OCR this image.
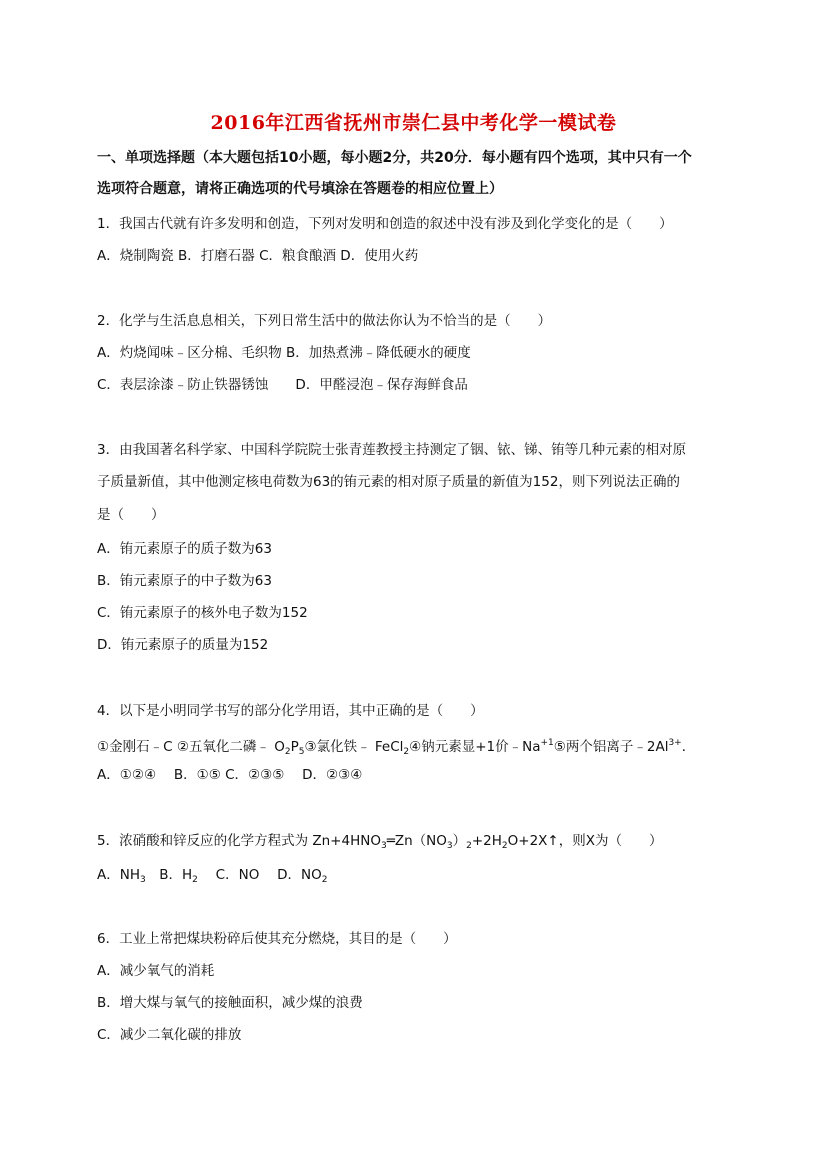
2016年江西省抚州市崇仁县中考化学一模试卷
一、单项选择题（本大题包括10小题，每小题2分，共20分．每小题有四个选项，其中只有一个
选项符合题意，请将正确选项的代号填涂在答题卷的相应位置上）
1．我国古代就有许多发明和创造，下列对发明和创造的叙述中没有涉及到化学变化的是（　　）
A．烧制陶瓷 B．打磨石器 C．粮食酿酒 D．使用火药
2．化学与生活息息相关，下列日常生活中的做法你认为不恰当的是（　　）
A．灼烧闻味﹣区分棉、毛织物 B．加热煮沸﹣降低硬水的硬度
C．表层涂漆﹣防止铁器锈蚀　　D．甲醛浸泡﹣保存海鲜食品
3．由我国著名科学家、中国科学院院士张青莲教授主持测定了铟、铱、锑、铕等几种元素的相对原
子质量新值，其中他测定核电荷数为63的铕元素的相对原子质量的新值为152，则下列说法正确的
是（　　）
A．铕元素原子的质子数为63
B．铕元素原子的中子数为63
C．铕元素原子的核外电子数为152
D．铕元素原子的质量为152
4．以下是小明同学书写的部分化学用语，其中正确的是（　　）
①金刚石﹣C ②五氧化二磷﹣ $O_2P_5③$氯化铁﹣ FeCl$_2$④钠元素显+1价$﹣Na^{+1}⑤$两个铝离子$﹣2Al^{3+}$．
A．①②④　 B．①⑤ C．②③⑤　 D．②③④
5．浓硝酸和锌反应的化学方程式为 $Zn+4HNO_3═Zn(NO_3)_2+2H_2O+2X↑$，则X为（　　）
A．$NH_3$　B．$H_2$　 C．NO　 D．$NO_2$
6．工业上常把煤块粉碎后使其充分燃烧，其目的是（　　）
A．减少氧气的消耗
B．增大煤与氧气的接触面积，减少煤的浪费
C．减少二氧化碳的排放
